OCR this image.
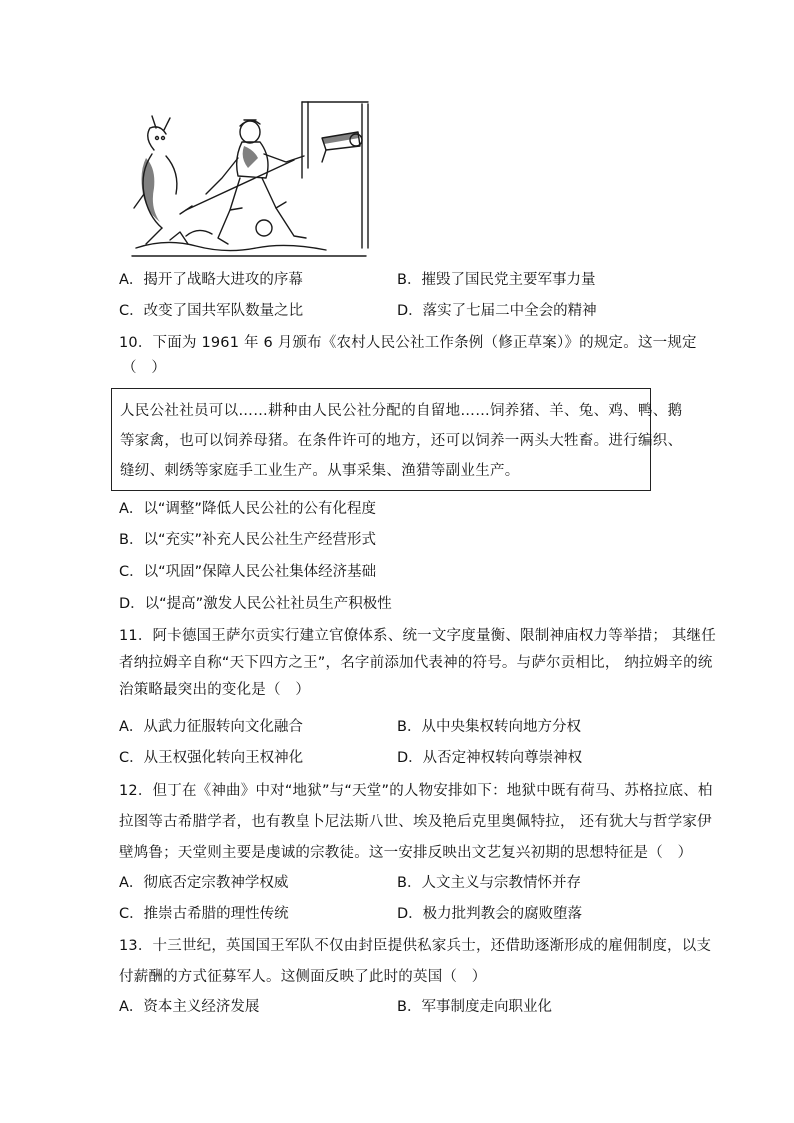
A．揭开了战略大进攻的序幕	B．摧毁了国民党主要军事力量
C．改变了国共军队数量之比	D．落实了七届二中全会的精神
10．下面为 1961 年 6 月颁布《农村人民公社工作条例（修正草案）》的规定。这一规定
（　）
人民公社社员可以……耕种由人民公社分配的自留地……饲养猪、羊、兔、鸡、鸭、鹅
等家禽，也可以饲养母猪。在条件许可的地方，还可以饲养一两头大牲畜。进行编织、
缝纫、刺绣等家庭手工业生产。从事采集、渔猎等副业生产。
A．以“调整”降低人民公社的公有化程度
B．以“充实”补充人民公社生产经营形式
C．以“巩固”保障人民公社集体经济基础
D．以“提高”激发人民公社社员生产积极性
11．阿卡德国王萨尔贡实行建立官僚体系、统一文字度量衡、限制神庙权力等举措； 其继任
者纳拉姆辛自称“天下四方之王”，名字前添加代表神的符号。与萨尔贡相比， 纳拉姆辛的统
治策略最突出的变化是（　）
A．从武力征服转向文化融合	B．从中央集权转向地方分权
C．从王权强化转向王权神化	D．从否定神权转向尊崇神权
12．但丁在《神曲》中对“地狱”与“天堂”的人物安排如下：地狱中既有荷马、苏格拉底、柏
拉图等古希腊学者，也有教皇卜尼法斯八世、埃及艳后克里奥佩特拉， 还有犹大与哲学家伊
壁鸠鲁；天堂则主要是虔诚的宗教徒。这一安排反映出文艺复兴初期的思想特征是（　）
A．彻底否定宗教神学权威	B．人文主义与宗教情怀并存
C．推崇古希腊的理性传统	D．极力批判教会的腐败堕落
13．十三世纪，英国国王军队不仅由封臣提供私家兵士，还借助逐渐形成的雇佣制度，以支
付薪酬的方式征募军人。这侧面反映了此时的英国（　）
A．资本主义经济发展	B．军事制度走向职业化
